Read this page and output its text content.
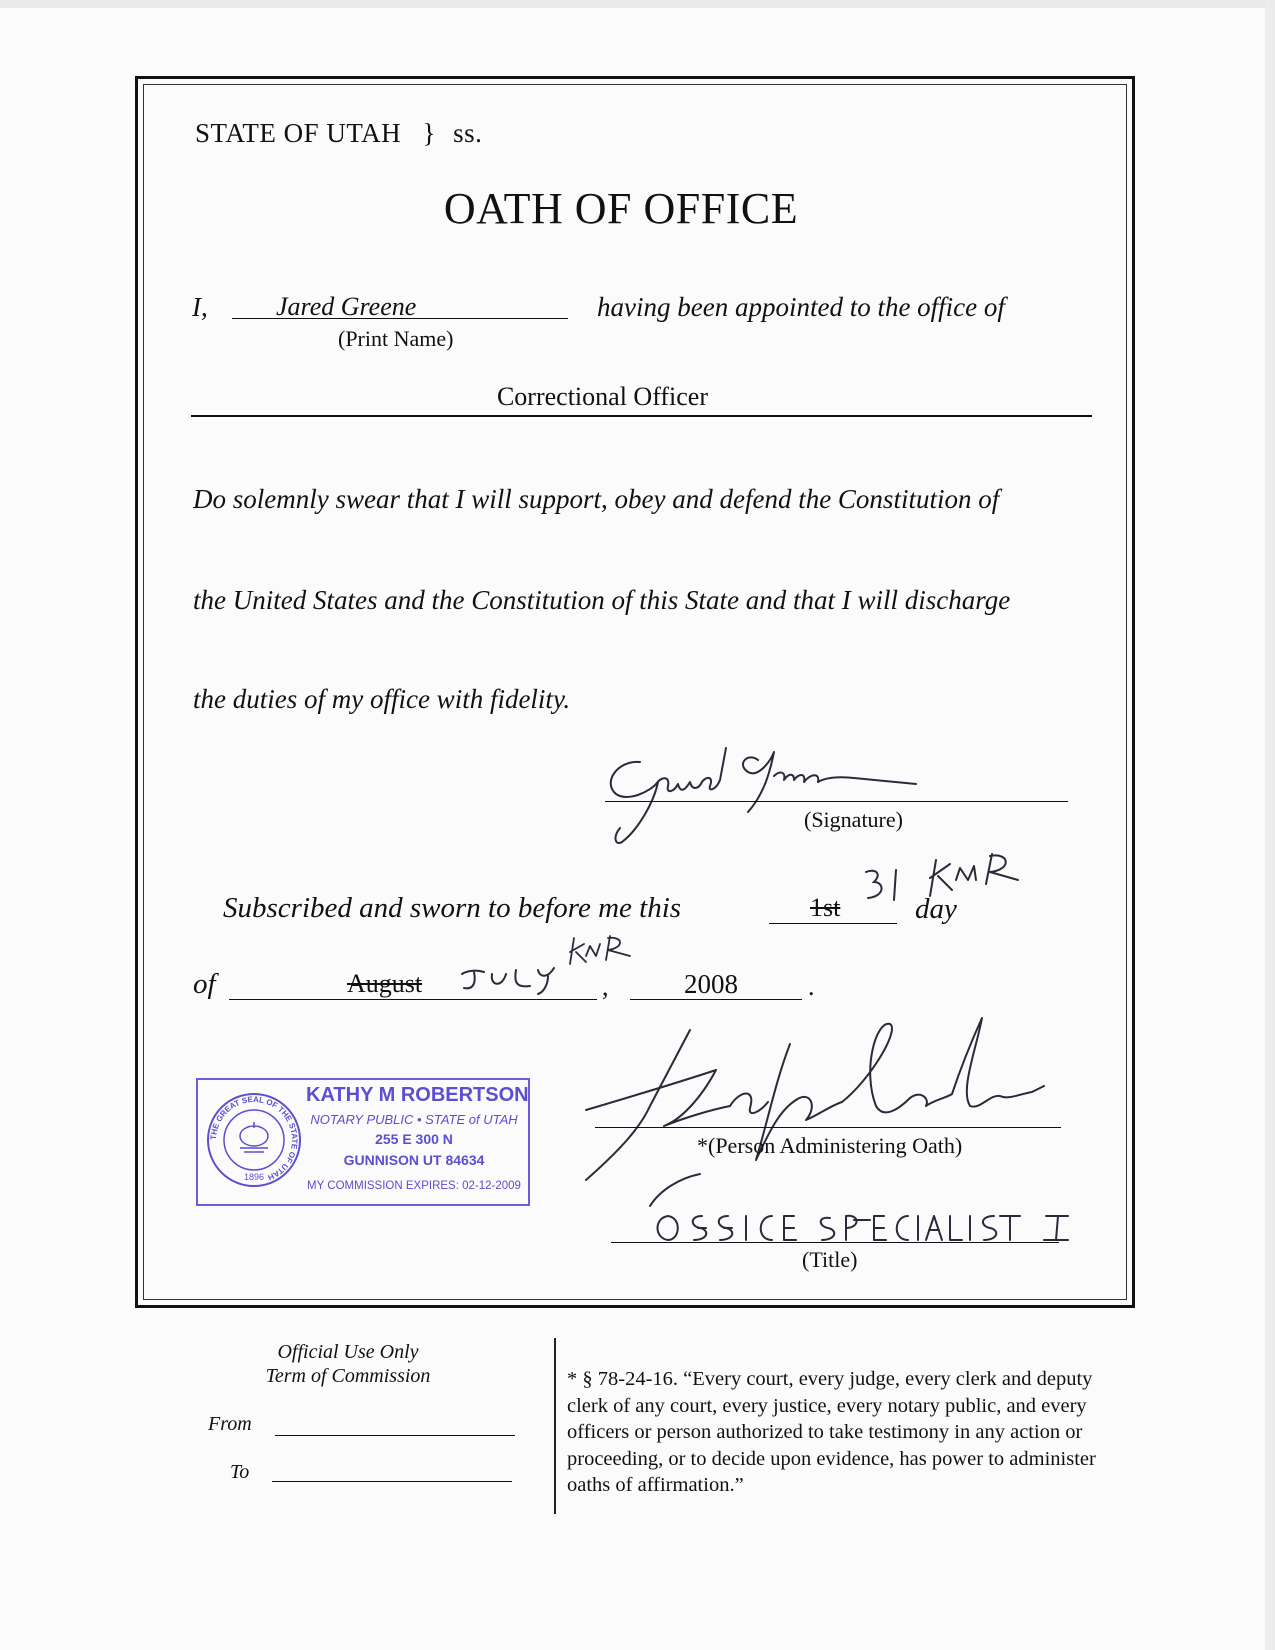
STATE OF UTAH } ss.
OATH OF OFFICE
I,	Jared Greene
(Print Name)
having been appointed to the office of
Correctional Officer
Do solemnly swear that I will support, obey and defend the Constitution of
the United States and the Constitution of this State and that I will discharge
the duties of my office with fidelity.
(Signature)
Subscribed and sworn to before me this	1st	day
of	August	,	2008	.
THE GREAT SEAL OF THE STATE OF UTAH
1896
KATHY M ROBERTSON
NOTARY PUBLIC • STATE of UTAH
255 E 300 N
GUNNISON UT 84634
MY COMMISSION EXPIRES: 02-12-2009
*(Person Administering Oath)
(Title)
Official Use Only
Term of Commission
From
To
* § 78-24-16. “Every court, every judge, every clerk and deputy clerk of any court, every justice, every notary public, and every officers or person authorized to take testimony in any action or proceeding, or to decide upon evidence, has power to administer oaths of affirmation.”
